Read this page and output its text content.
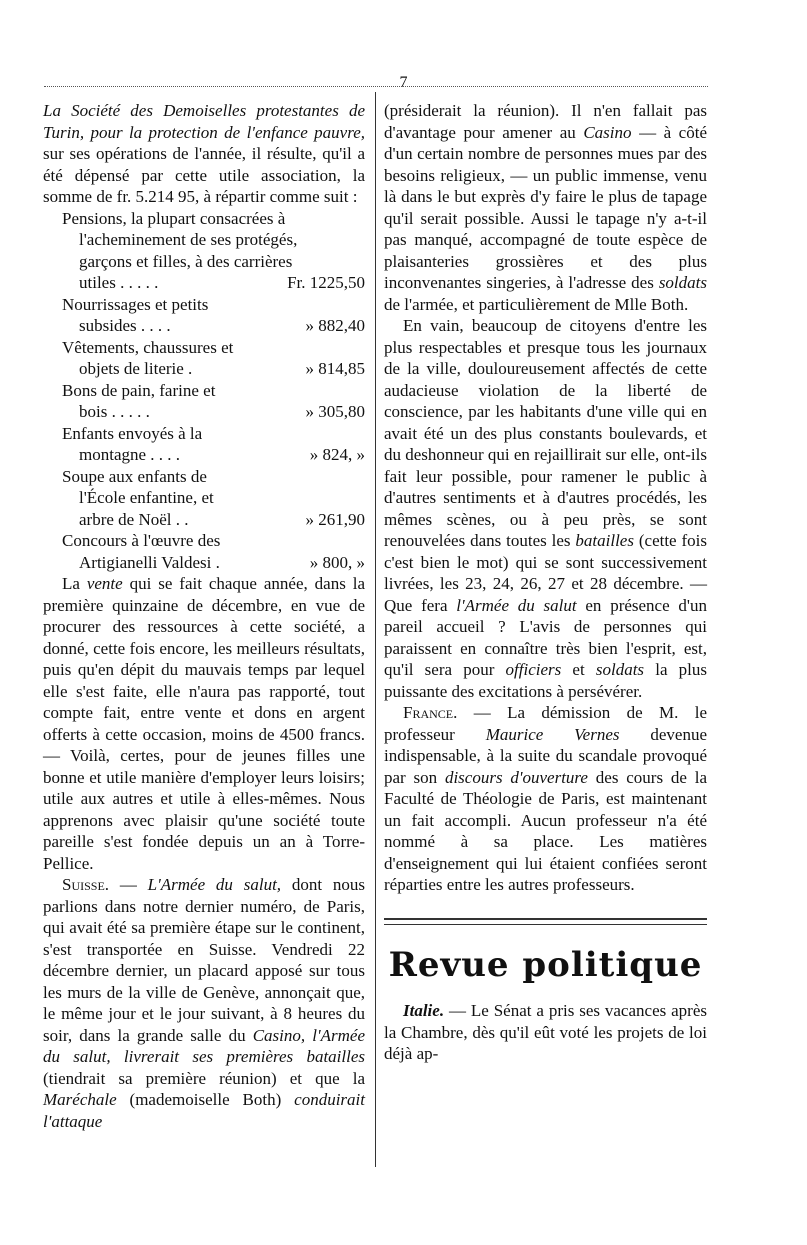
7

La Société des Demoiselles protestantes de Turin, pour la protection de l'enfance pauvre, sur ses opérations de l'année, il résulte, qu'il a été dépensé par cette utile association, la somme de fr. 5.214 95, à répartir comme suit :

Pensions, la plupart consacrées à
l'acheminement de ses protégés,
garçons et filles, à des carrières
utiles . . . . .	Fr. 1225,50
Nourrissages et petits
subsides . . . .	» 882,40
Vêtements, chaussures et
objets de literie .	» 814,85
Bons de pain, farine et
bois . . . . .	» 305,80
Enfants envoyés à la
montagne . . . .	» 824, »
Soupe aux enfants de
l'École enfantine, et
arbre de Noël . .	» 261,90
Concours à l'œuvre des
Artigianelli Valdesi .	» 800, »

La vente qui se fait chaque année, dans la première quinzaine de décembre, en vue de procurer des ressources à cette société, a donné, cette fois encore, les meilleurs résultats, puis qu'en dépit du mauvais temps par lequel elle s'est faite, elle n'aura pas rapporté, tout compte fait, entre vente et dons en argent offerts à cette occasion, moins de 4500 francs. — Voilà, certes, pour de jeunes filles une bonne et utile manière d'employer leurs loisirs; utile aux autres et utile à elles-mêmes. Nous apprenons avec plaisir qu'une société toute pareille s'est fondée depuis un an à Torre-Pellice.

Suisse. — L'Armée du salut, dont nous parlions dans notre dernier numéro, de Paris, qui avait été sa première étape sur le continent, s'est transportée en Suisse. Vendredi 22 décembre dernier, un placard apposé sur tous les murs de la ville de Genève, annonçait que, le même jour et le jour suivant, à 8 heures du soir, dans la grande salle du Casino, l'Armée du salut, livrerait ses premières batailles (tiendrait sa première réunion) et que la Maréchale (mademoiselle Both) conduirait l'attaque

(présiderait la réunion). Il n'en fallait pas d'avantage pour amener au Casino — à côté d'un certain nombre de personnes mues par des besoins religieux, — un public immense, venu là dans le but exprès d'y faire le plus de tapage qu'il serait possible. Aussi le tapage n'y a-t-il pas manqué, accompagné de toute espèce de plaisanteries grossières et des plus inconvenantes singeries, à l'adresse des soldats de l'armée, et particulièrement de Mlle Both.

En vain, beaucoup de citoyens d'entre les plus respectables et presque tous les journaux de la ville, douloureusement affectés de cette audacieuse violation de la liberté de conscience, par les habitants d'une ville qui en avait été un des plus constants boulevards, et du deshonneur qui en rejaillirait sur elle, ont-ils fait leur possible, pour ramener le public à d'autres sentiments et à d'autres procédés, les mêmes scènes, ou à peu près, se sont renouvelées dans toutes les batailles (cette fois c'est bien le mot) qui se sont successivement livrées, les 23, 24, 26, 27 et 28 décembre. — Que fera l'Armée du salut en présence d'un pareil accueil ? L'avis de personnes qui paraissent en connaître très bien l'esprit, est, qu'il sera pour officiers et soldats la plus puissante des excitations à persévérer.

France. — La démission de M. le professeur Maurice Vernes devenue indispensable, à la suite du scandale provoqué par son discours d'ouverture des cours de la Faculté de Théologie de Paris, est maintenant un fait accompli. Aucun professeur n'a été nommé à sa place. Les matières d'enseignement qui lui étaient confiées seront réparties entre les autres professeurs.

Revue politique

Italie. — Le Sénat a pris ses vacances après la Chambre, dès qu'il eût voté les projets de loi déjà ap-
